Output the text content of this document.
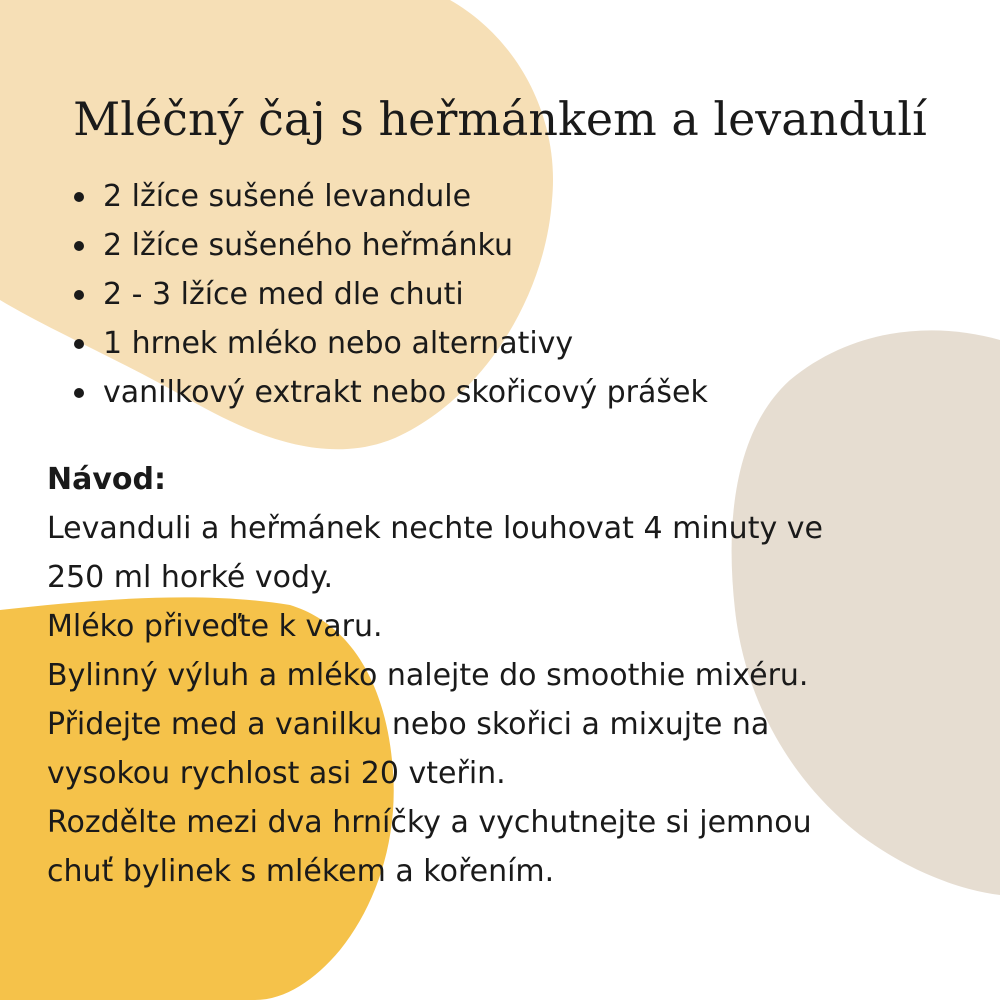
Mléčný čaj s heřmánkem a levandulí
2 lžíce sušené levandule
2 lžíce sušeného heřmánku
2 - 3 lžíce med dle chuti
1 hrnek mléko nebo alternativy
vanilkový extrakt nebo skořicový prášek
Návod:
Levanduli a heřmánek nechte louhovat 4 minuty ve
250 ml horké vody.
Mléko přiveďte k varu.
Bylinný výluh a mléko nalejte do smoothie mixéru.
Přidejte med a vanilku nebo skořici a mixujte na
vysokou rychlost asi 20 vteřin.
Rozdělte mezi dva hrníčky a vychutnejte si jemnou
chuť bylinek s mlékem a kořením.
